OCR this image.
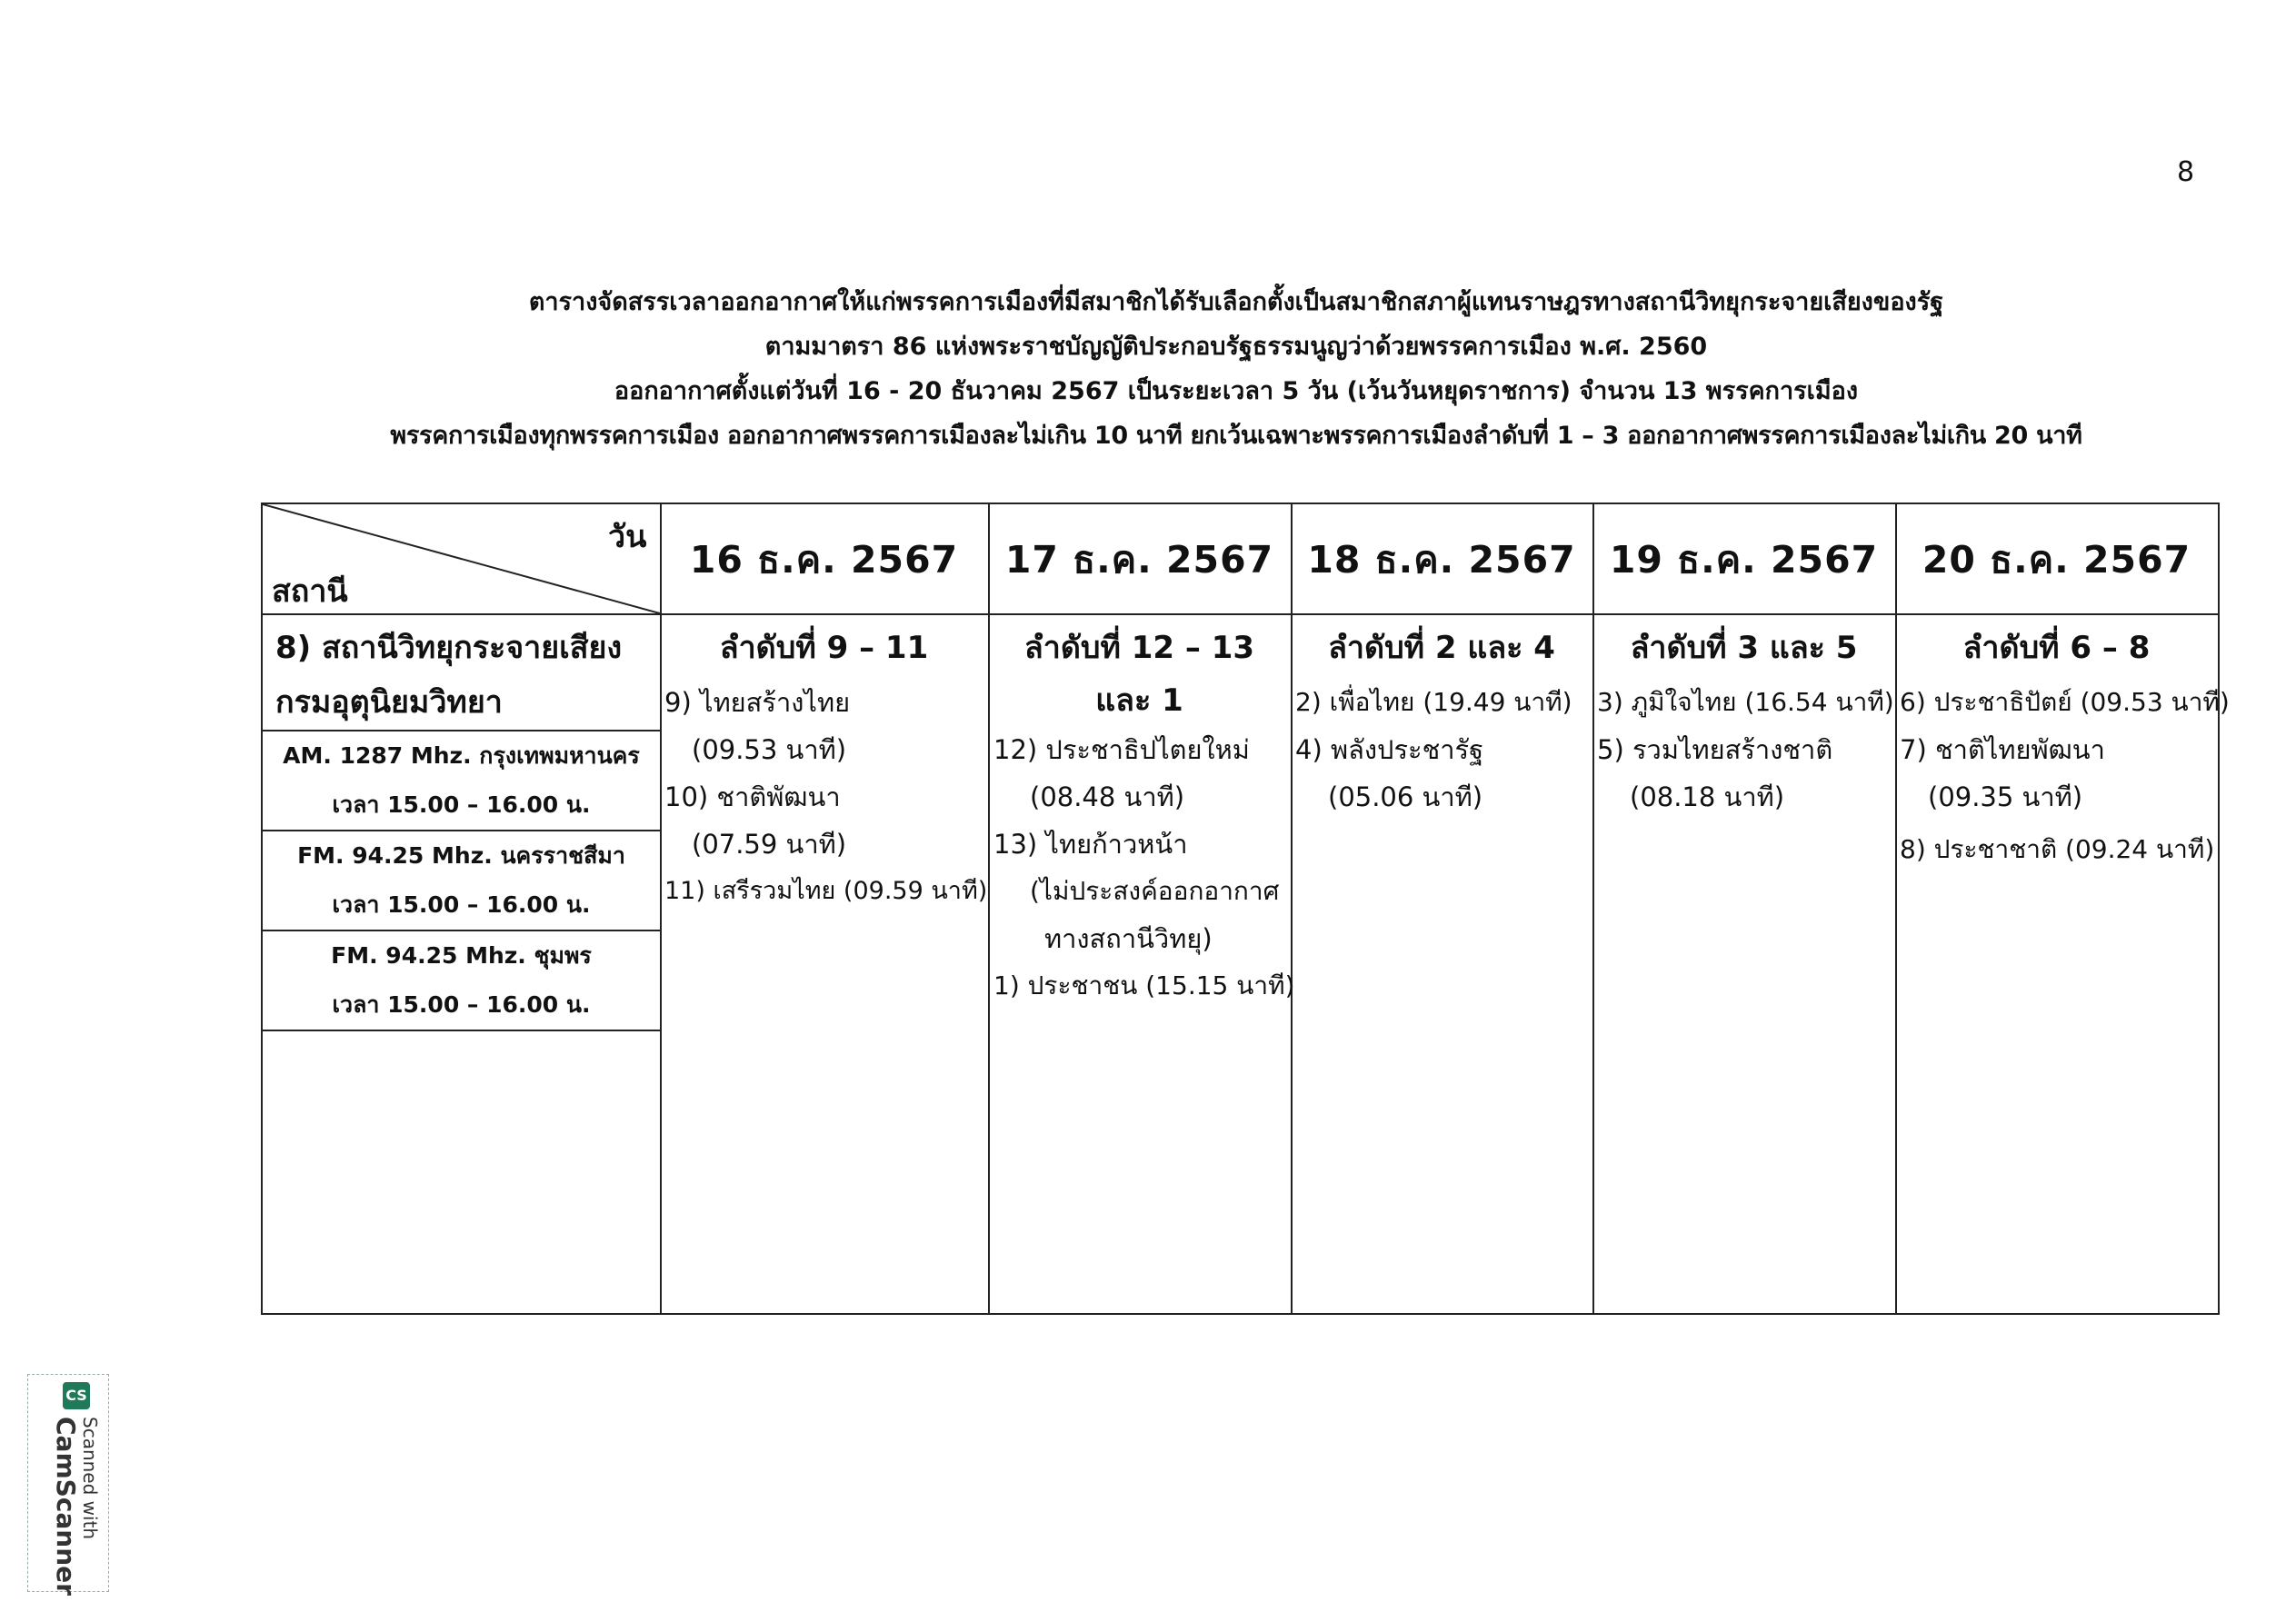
8
ตารางจัดสรรเวลาออกอากาศให้แก่พรรคการเมืองที่มีสมาชิกได้รับเลือกตั้งเป็นสมาชิกสภาผู้แทนราษฎรทางสถานีวิทยุกระจายเสียงของรัฐ
ตามมาตรา 86 แห่งพระราชบัญญัติประกอบรัฐธรรมนูญว่าด้วยพรรคการเมือง พ.ศ. 2560
ออกอากาศตั้งแต่วันที่ 16 - 20 ธันวาคม 2567 เป็นระยะเวลา 5 วัน (เว้นวันหยุดราชการ) จำนวน 13 พรรคการเมือง
พรรคการเมืองทุกพรรคการเมือง ออกอากาศพรรคการเมืองละไม่เกิน 10 นาที ยกเว้นเฉพาะพรรคการเมืองลำดับที่ 1 – 3 ออกอากาศพรรคการเมืองละไม่เกิน 20 นาที
วัน
สถานี
16 ธ.ค. 2567	17 ธ.ค. 2567 18 ธ.ค. 2567 19 ธ.ค. 2567	20 ธ.ค. 2567
8) สถานีวิทยุกระจายเสียง
กรมอุตุนิยมวิทยา
AM. 1287 Mhz. กรุงเทพมหานคร
เวลา 15.00 – 16.00 น.
FM. 94.25 Mhz. นครราชสีมา
เวลา 15.00 – 16.00 น.
FM. 94.25 Mhz. ชุมพร
เวลา 15.00 – 16.00 น.
ลำดับที่ 9 – 11
9) ไทยสร้างไทย
(09.53 นาที)
10) ชาติพัฒนา
(07.59 นาที)
11) เสรีรวมไทย (09.59 นาที)
ลำดับที่ 12 – 13
และ 1
12) ประชาธิปไตยใหม่
(08.48 นาที)
13) ไทยก้าวหน้า
(ไม่ประสงค์ออกอากาศ
ทางสถานีวิทยุ)
1) ประชาชน (15.15 นาที)
ลำดับที่ 2 และ 4
2) เพื่อไทย (19.49 นาที)
4) พลังประชารัฐ
(05.06 นาที)
ลำดับที่ 3 และ 5
3) ภูมิใจไทย (16.54 นาที)
5) รวมไทยสร้างชาติ
(08.18 นาที)
ลำดับที่ 6 – 8
6) ประชาธิปัตย์ (09.53 นาที)
7) ชาติไทยพัฒนา
(09.35 นาที)
8) ประชาชาติ (09.24 นาที)
CS
Scanned with
CamScanner
